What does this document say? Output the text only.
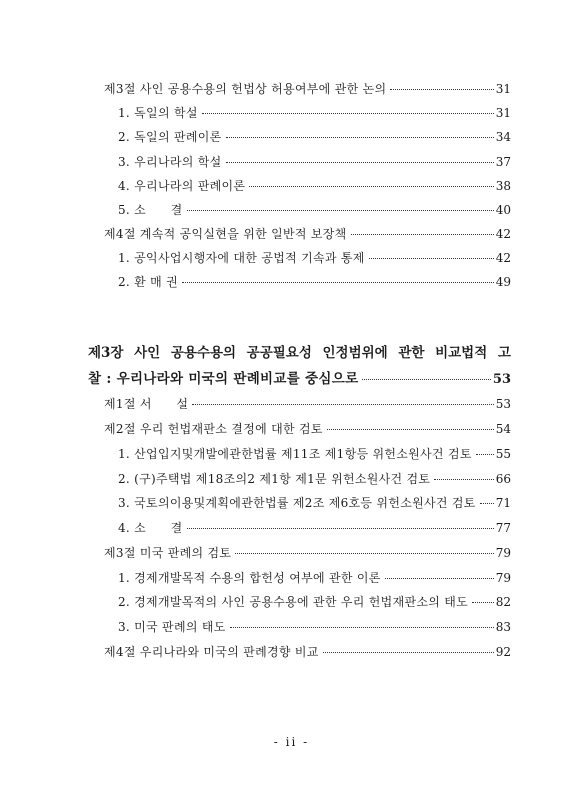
제3절 사인 공용수용의 헌법상 허용여부에 관한 논의	31
1. 독일의 학설	31
2. 독일의 판례이론	34
3. 우리나라의 학설	37
4. 우리나라의 판례이론	38
5. 소　　결	40
제4절 계속적 공익실현을 위한 일반적 보장책	42
1. 공익사업시행자에 대한 공법적 기속과 통제	42
2. 환 매 권	49
제3장 사인 공용수용의 공공필요성 인정범위에 관한 비교법적 고
찰 : 우리나라와 미국의 판례비교를 중심으로	53
제1절 서　　설	53
제2절 우리 헌법재판소 결정에 대한 검토	54
1. 산업입지및개발에관한법률 제11조 제1항등 위헌소원사건 검토 55
2. (구)주택법 제18조의2 제1항 제1문 위헌소원사건 검토	66
3. 국토의이용및계획에관한법률 제2조 제6호등 위헌소원사건 검토 71
4. 소　　결	77
제3절 미국 판례의 검토	79
1. 경제개발목적 수용의 합헌성 여부에 관한 이론	79
2. 경제개발목적의 사인 공용수용에 관한 우리 헌법재판소의 태도 82
3. 미국 판례의 태도	83
제4절 우리나라와 미국의 판례경향 비교	92
- ii -
